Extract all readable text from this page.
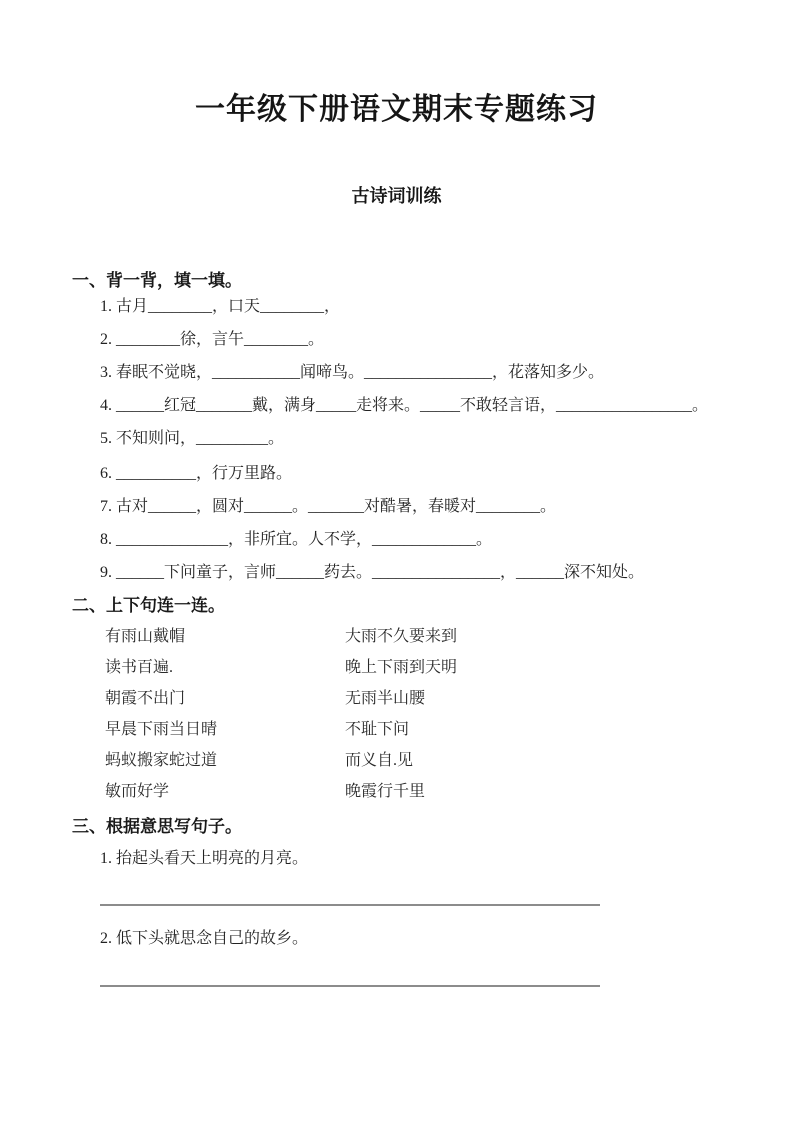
一年级下册语文期末专题练习
古诗词训练
一、背一背，填一填。
1. 古月________，口天________，
2. ________徐，言午________。
3. 春眠不觉晓，___________闻啼鸟。________________，花落知多少。
4. ______红冠_______戴，满身_____走将来。_____不敢轻言语，_________________。
5. 不知则问，_________。
6. __________，行万里路。
7. 古对______，圆对______。_______对酷暑，春暖对________。
8. ______________，非所宜。人不学，_____________。
9. ______下问童子，言师______药去。________________，______深不知处。
二、上下句连一连。
有雨山戴帽	大雨不久要来到
读书百遍.	晚上下雨到天明
朝霞不出门	无雨半山腰
早晨下雨当日晴	不耻下问
蚂蚁搬家蛇过道	而义自.见
敏而好学	晚霞行千里
三、根据意思写句子。
1. 抬起头看天上明亮的月亮。
2. 低下头就思念自己的故乡。
